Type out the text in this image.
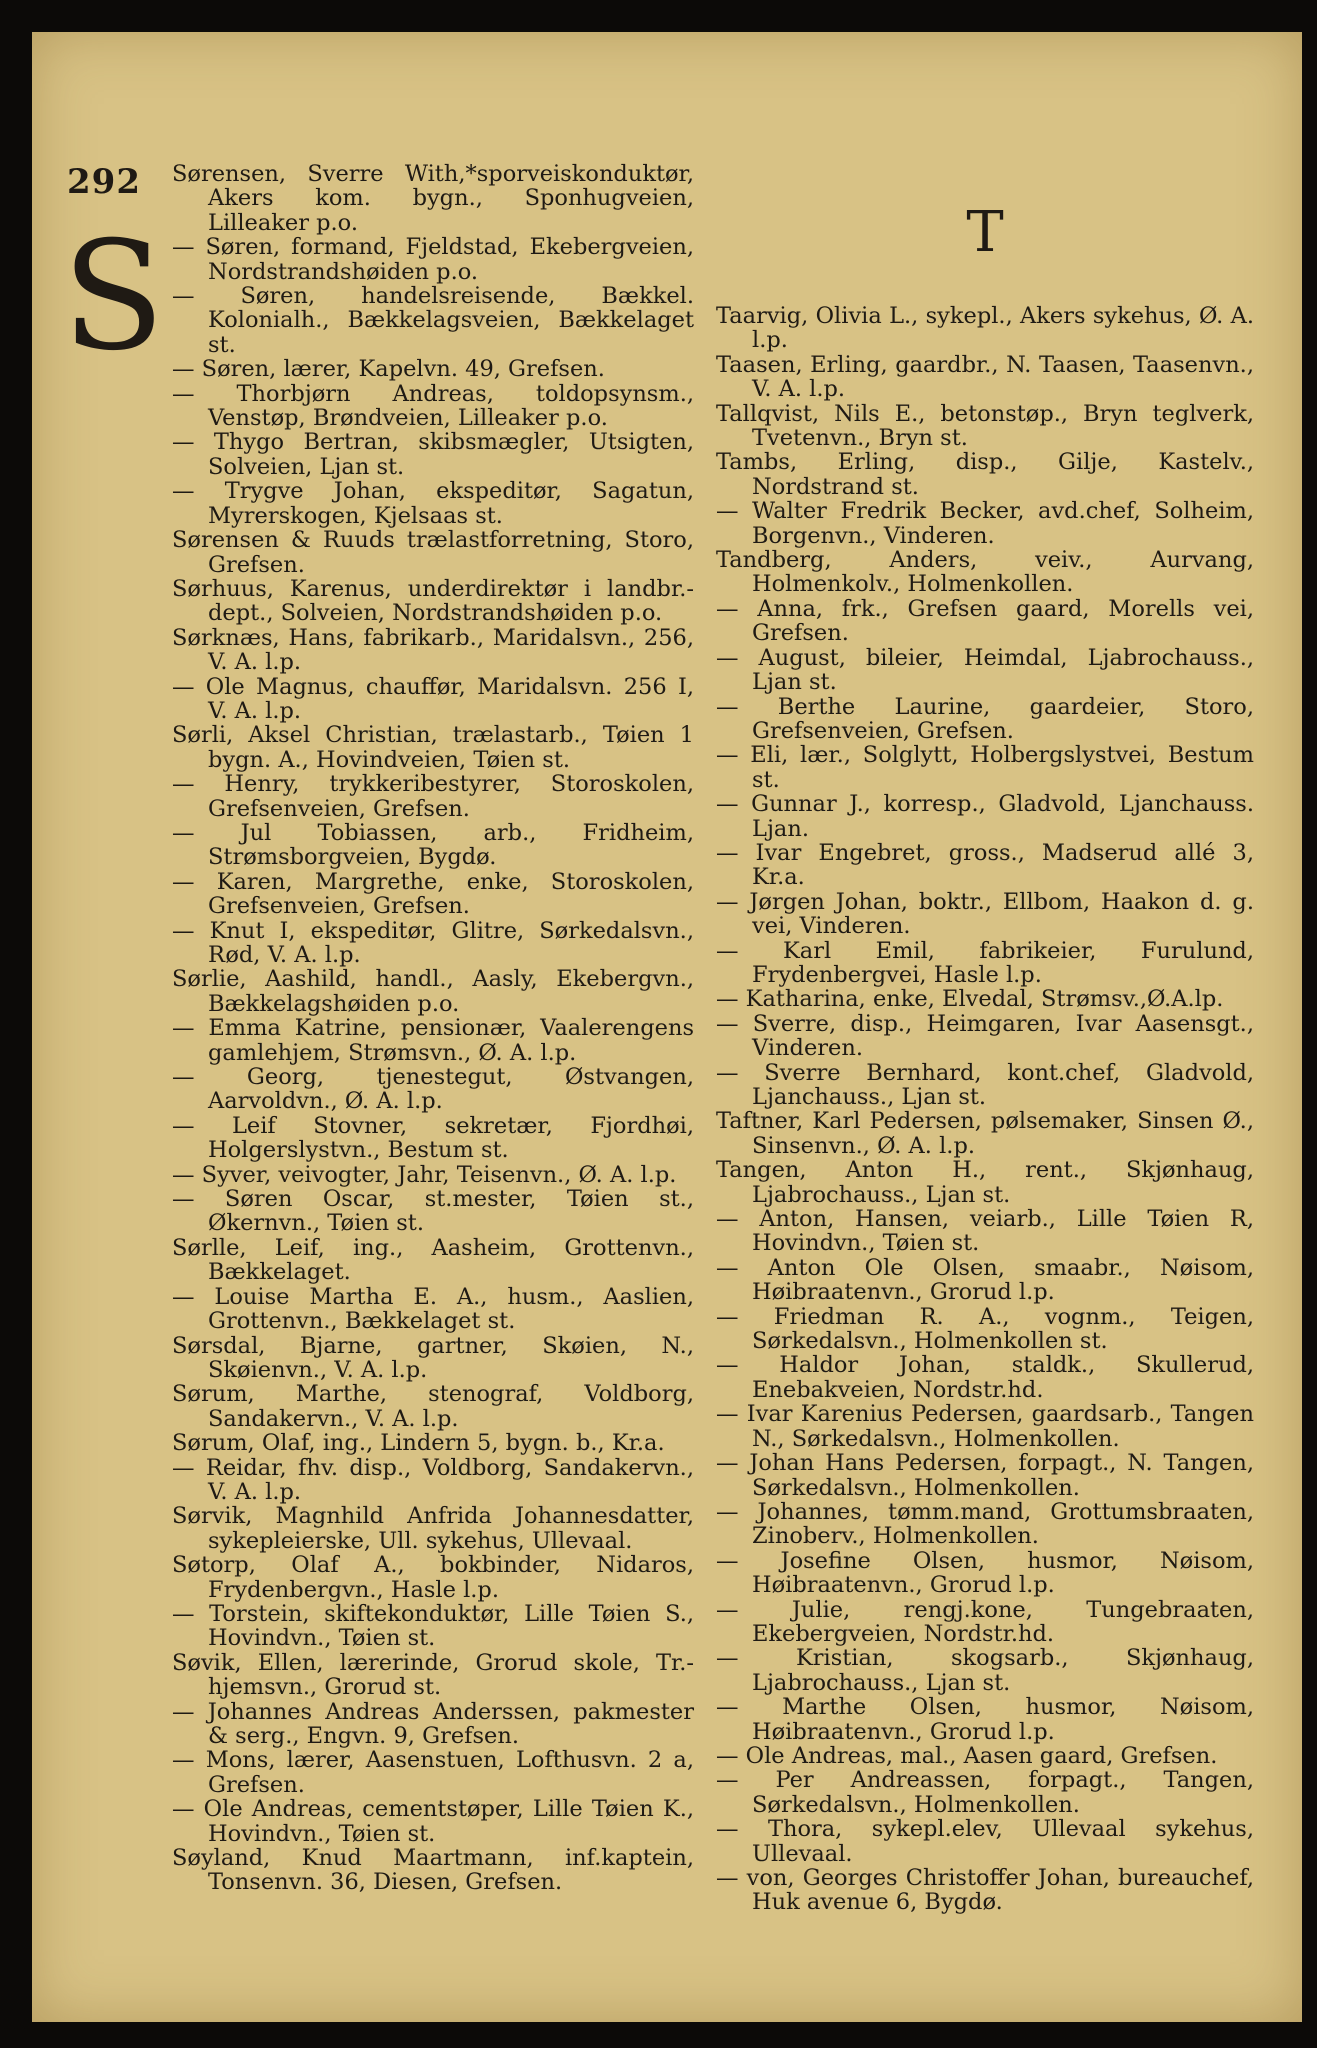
292
S

Sørensen, Sverre With,*sporveiskonduktør, Akers kom. bygn., Sponhugveien, Lilleaker p.o.

— Søren, formand, Fjeldstad, Ekebergveien, Nordstrandshøiden p.o.

— Søren, handelsreisende, Bækkel. Kolonialh., Bækkelagsveien, Bækkelaget st.

— Søren, lærer, Kapelvn. 49, Grefsen.

— Thorbjørn Andreas, toldopsynsm., Venstøp, Brøndveien, Lilleaker p.o.

— Thygo Bertran, skibsmægler, Utsigten, Solveien, Ljan st.

— Trygve Johan, ekspeditør, Sagatun, Myrerskogen, Kjelsaas st.

Sørensen & Ruuds trælastforretning, Storo, Grefsen.

Sørhuus, Karenus, underdirektør i landbr.-dept., Solveien, Nordstrandshøiden p.o.

Sørknæs, Hans, fabrikarb., Maridalsvn., 256, V. A. l.p.

— Ole Magnus, chauffør, Maridalsvn. 256 I, V. A. l.p.

Sørli, Aksel Christian, trælastarb., Tøien 1 bygn. A., Hovindveien, Tøien st.

— Henry, trykkeribestyrer, Storoskolen, Grefsenveien, Grefsen.

— Jul Tobiassen, arb., Fridheim, Strømsborgveien, Bygdø.

— Karen, Margrethe, enke, Storoskolen, Grefsenveien, Grefsen.

— Knut I, ekspeditør, Glitre, Sørkedalsvn., Rød, V. A. l.p.

Sørlie, Aashild, handl., Aasly, Ekebergvn., Bækkelagshøiden p.o.

— Emma Katrine, pensionær, Vaalerengens gamlehjem, Strømsvn., Ø. A. l.p.

— Georg, tjenestegut, Østvangen, Aarvoldvn., Ø. A. l.p.

— Leif Stovner, sekretær, Fjordhøi, Holgerslystvn., Bestum st.

— Syver, veivogter, Jahr, Teisenvn., Ø. A. l.p.

— Søren Oscar, st.mester, Tøien st., Økernvn., Tøien st.

Sørlle, Leif, ing., Aasheim, Grottenvn., Bækkelaget.

— Louise Martha E. A., husm., Aaslien, Grottenvn., Bækkelaget st.

Sørsdal, Bjarne, gartner, Skøien, N., Skøienvn., V. A. l.p.

Sørum, Marthe, stenograf, Voldborg, Sandakervn., V. A. l.p.

Sørum, Olaf, ing., Lindern 5, bygn. b., Kr.a.

— Reidar, fhv. disp., Voldborg, Sandakervn., V. A. l.p.

Sørvik, Magnhild Anfrida Johannesdatter, sykepleierske, Ull. sykehus, Ullevaal.

Søtorp, Olaf A., bokbinder, Nidaros, Frydenbergvn., Hasle l.p.

— Torstein, skiftekonduktør, Lille Tøien S., Hovindvn., Tøien st.

Søvik, Ellen, lærerinde, Grorud skole, Tr.-hjemsvn., Grorud st.

— Johannes Andreas Anderssen, pakmester & serg., Engvn. 9, Grefsen.

— Mons, lærer, Aasenstuen, Lofthusvn. 2 a, Grefsen.

— Ole Andreas, cementstøper, Lille Tøien K., Hovindvn., Tøien st.

Søyland, Knud Maartmann, inf.kaptein, Tonsenvn. 36, Diesen, Grefsen.

T

Taarvig, Olivia L., sykepl., Akers sykehus, Ø. A. l.p.

Taasen, Erling, gaardbr., N. Taasen, Taasenvn., V. A. l.p.

Tallqvist, Nils E., betonstøp., Bryn teglverk, Tvetenvn., Bryn st.

Tambs, Erling, disp., Gilje, Kastelv., Nordstrand st.

— Walter Fredrik Becker, avd.chef, Solheim, Borgenvn., Vinderen.

Tandberg, Anders, veiv., Aurvang, Holmenkolv., Holmenkollen.

— Anna, frk., Grefsen gaard, Morells vei, Grefsen.

— August, bileier, Heimdal, Ljabrochauss., Ljan st.

— Berthe Laurine, gaardeier, Storo, Grefsenveien, Grefsen.

— Eli, lær., Solglytt, Holbergslystvei, Bestum st.

— Gunnar J., korresp., Gladvold, Ljanchauss. Ljan.

— Ivar Engebret, gross., Madserud allé 3, Kr.a.

— Jørgen Johan, boktr., Ellbom, Haakon d. g. vei, Vinderen.

— Karl Emil, fabrikeier, Furulund, Frydenbergvei, Hasle l.p.

— Katharina, enke, Elvedal, Strømsv.,Ø.A.lp.

— Sverre, disp., Heimgaren, Ivar Aasensgt., Vinderen.

— Sverre Bernhard, kont.chef, Gladvold, Ljanchauss., Ljan st.

Taftner, Karl Pedersen, pølsemaker, Sinsen Ø., Sinsenvn., Ø. A. l.p.

Tangen, Anton H., rent., Skjønhaug, Ljabrochauss., Ljan st.

— Anton, Hansen, veiarb., Lille Tøien R, Hovindvn., Tøien st.

— Anton Ole Olsen, smaabr., Nøisom, Høibraatenvn., Grorud l.p.

— Friedman R. A., vognm., Teigen, Sørkedalsvn., Holmenkollen st.

— Haldor Johan, staldk., Skullerud, Enebakveien, Nordstr.hd.

— Ivar Karenius Pedersen, gaardsarb., Tangen N., Sørkedalsvn., Holmenkollen.

— Johan Hans Pedersen, forpagt., N. Tangen, Sørkedalsvn., Holmenkollen.

— Johannes, tømm.mand, Grottumsbraaten, Zinoberv., Holmenkollen.

— Josefine Olsen, husmor, Nøisom, Høibraatenvn., Grorud l.p.

— Julie, rengj.kone, Tungebraaten, Ekebergveien, Nordstr.hd.

— Kristian, skogsarb., Skjønhaug, Ljabrochauss., Ljan st.

— Marthe Olsen, husmor, Nøisom, Høibraatenvn., Grorud l.p.

— Ole Andreas, mal., Aasen gaard, Grefsen.

— Per Andreassen, forpagt., Tangen, Sørkedalsvn., Holmenkollen.

— Thora, sykepl.elev, Ullevaal sykehus, Ullevaal.

— von, Georges Christoffer Johan, bureauchef, Huk avenue 6, Bygdø.
